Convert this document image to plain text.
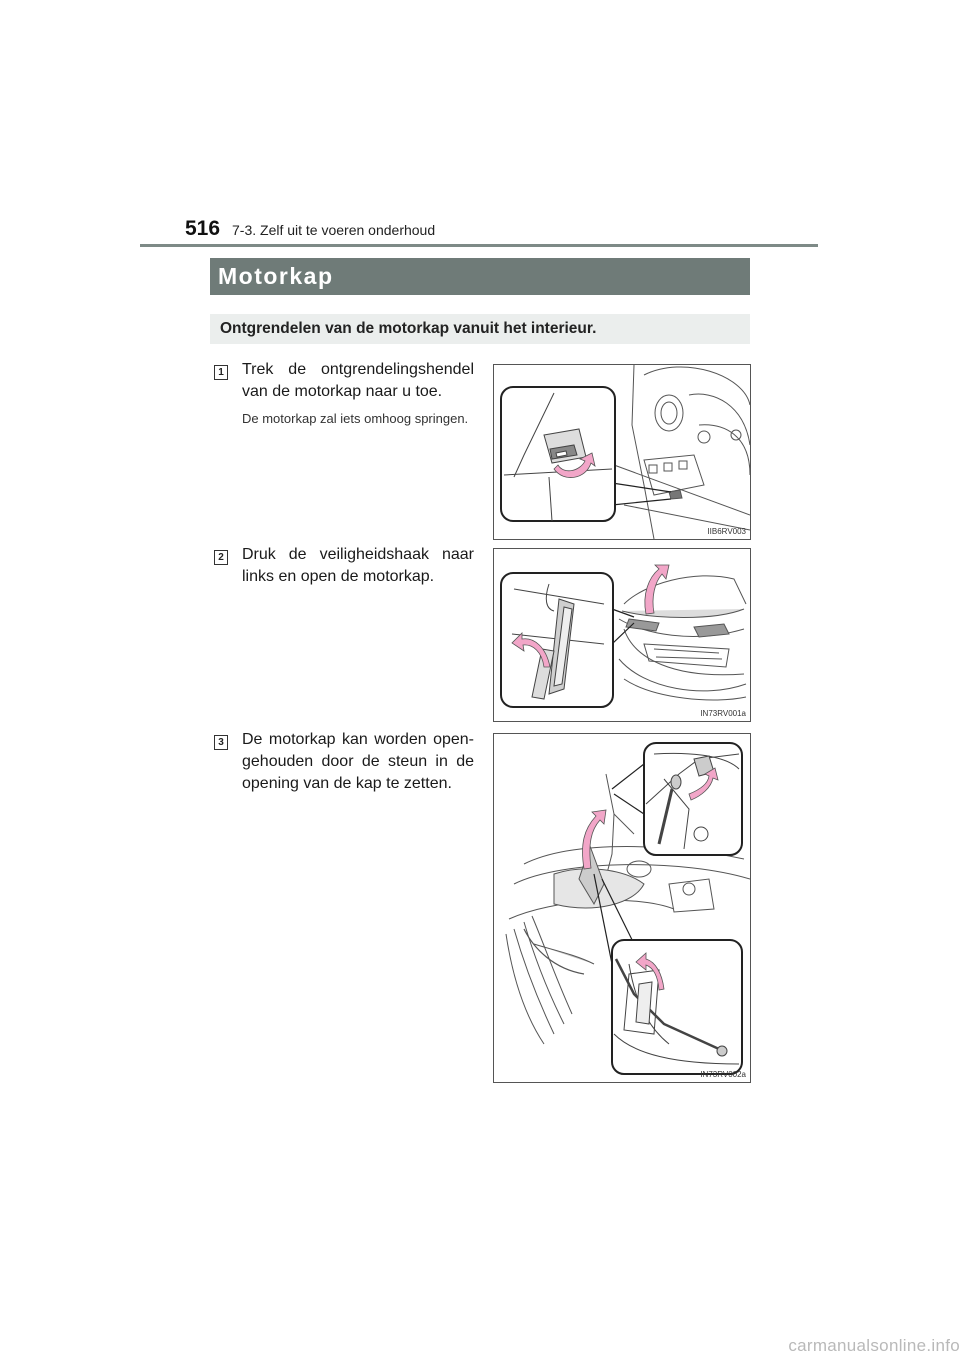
516 7-3. Zelf uit te voeren onderhoud
Motorkap
Ontgrendelen van de motorkap vanuit het interieur.
1 Trek de ontgrendelingshendel van de motorkap naar u toe.
De motorkap zal iets omhoog springen.
IIB6RV003
2 Druk de veiligheidshaak naar links en open de motorkap.
IN73RV001a
3 De motorkap kan worden open-gehouden door de steun in de opening van de kap te zetten.
IN73RV002a
carmanualsonline.info
